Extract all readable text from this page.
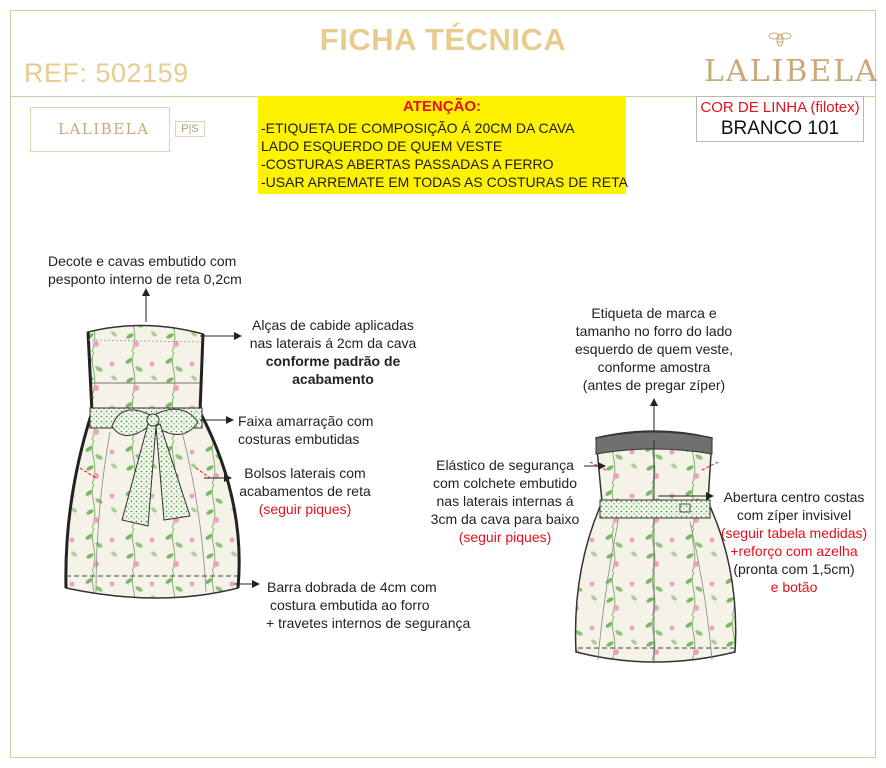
FICHA TÉCNICA
REF: 502159	LALIBELA
LALIBELA	P|S
ATENÇÃO:
-ETIQUETA DE COMPOSIÇÃO Á 20CM DA CAVA
LADO ESQUERDO DE QUEM VESTE
-COSTURAS ABERTAS PASSADAS A FERRO
-USAR ARREMATE EM TODAS AS COSTURAS DE RETA
COR DE LINHA (filotex)
BRANCO 101
Decote e cavas embutido com
pesponto interno de reta 0,2cm
Alças de cabide aplicadas
nas laterais á 2cm da cava
conforme padrão de
acabamento
Faixa amarração com
costuras embutidas
Bolsos laterais com
acabamentos de reta
(seguir piques)
Barra dobrada de 4cm com
costura embutida ao forro
+ travetes internos de segurança
Etiqueta de marca e
tamanho no forro do lado
esquerdo de quem veste,
conforme amostra
(antes de pregar zíper)
Elástico de segurança
com colchete embutido
nas laterais internas á
3cm da cava para baixo
(seguir piques)
Abertura centro costas
com zíper invisivel
(seguir tabela medidas)
+reforço com azelha
(pronta com 1,5cm)
e botão
